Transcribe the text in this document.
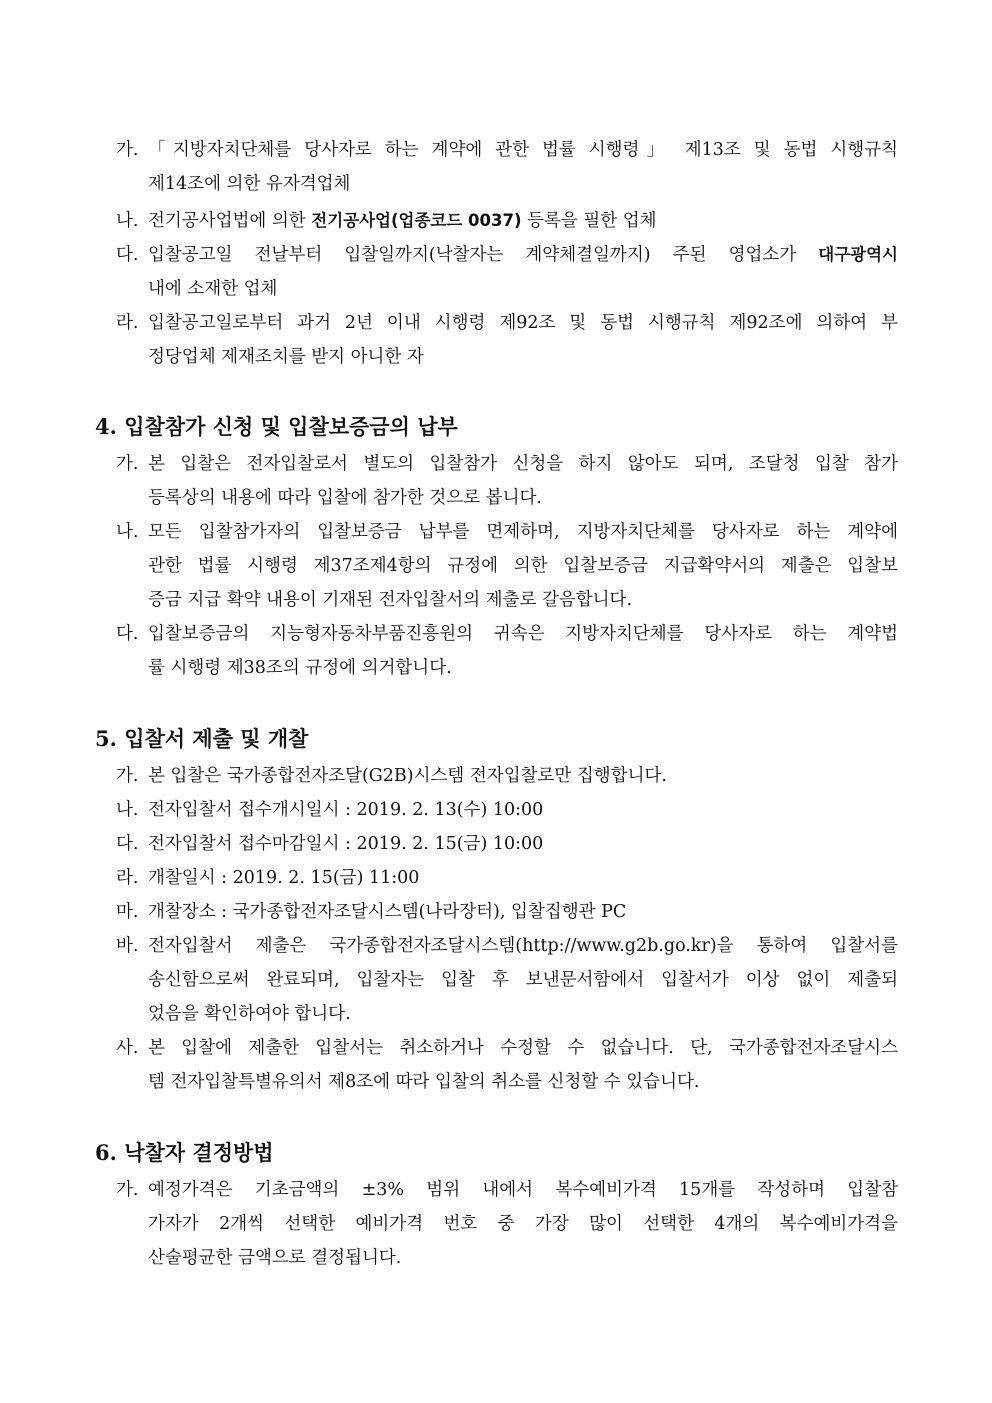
가. 「지방자치단체를 당사자로 하는 계약에 관한 법률 시행령」 제13조 및 동법 시행규칙
제14조에 의한 유자격업체
나. 전기공사업법에 의한 전기공사업(업종코드 0037) 등록을 필한 업체
다. 입찰공고일 전날부터 입찰일까지(낙찰자는 계약체결일까지) 주된 영업소가 대구광역시
내에 소재한 업체
라. 입찰공고일로부터 과거 2년 이내 시행령 제92조 및 동법 시행규칙 제92조에 의하여 부
정당업체 제재조치를 받지 아니한 자
4. 입찰참가 신청 및 입찰보증금의 납부
가. 본 입찰은 전자입찰로서 별도의 입찰참가 신청을 하지 않아도 되며, 조달청 입찰 참가
등록상의 내용에 따라 입찰에 참가한 것으로 봅니다.
나. 모든 입찰참가자의 입찰보증금 납부를 면제하며, 지방자치단체를 당사자로 하는 계약에
관한 법률 시행령 제37조제4항의 규정에 의한 입찰보증금 지급확약서의 제출은 입찰보
증금 지급 확약 내용이 기재된 전자입찰서의 제출로 갈음합니다.
다. 입찰보증금의 지능형자동차부품진흥원의 귀속은 지방자치단체를 당사자로 하는 계약법
률 시행령 제38조의 규정에 의거합니다.
5. 입찰서 제출 및 개찰
가. 본 입찰은 국가종합전자조달(G2B)시스템 전자입찰로만 집행합니다.
나. 전자입찰서 접수개시일시 : 2019. 2. 13(수) 10:00
다. 전자입찰서 접수마감일시 : 2019. 2. 15(금) 10:00
라. 개찰일시 : 2019. 2. 15(금) 11:00
마. 개찰장소 : 국가종합전자조달시스템(나라장터), 입찰집행관 PC
바. 전자입찰서 제출은 국가종합전자조달시스템(http://www.g2b.go.kr)을 통하여 입찰서를
송신함으로써 완료되며, 입찰자는 입찰 후 보낸문서함에서 입찰서가 이상 없이 제출되
었음을 확인하여야 합니다.
사. 본 입찰에 제출한 입찰서는 취소하거나 수정할 수 없습니다. 단, 국가종합전자조달시스
템 전자입찰특별유의서 제8조에 따라 입찰의 취소를 신청할 수 있습니다.
6. 낙찰자 결정방법
가. 예정가격은 기초금액의 ±3% 범위 내에서 복수예비가격 15개를 작성하며 입찰참
가자가 2개씩 선택한 예비가격 번호 중 가장 많이 선택한 4개의 복수예비가격을
산술평균한 금액으로 결정됩니다.
